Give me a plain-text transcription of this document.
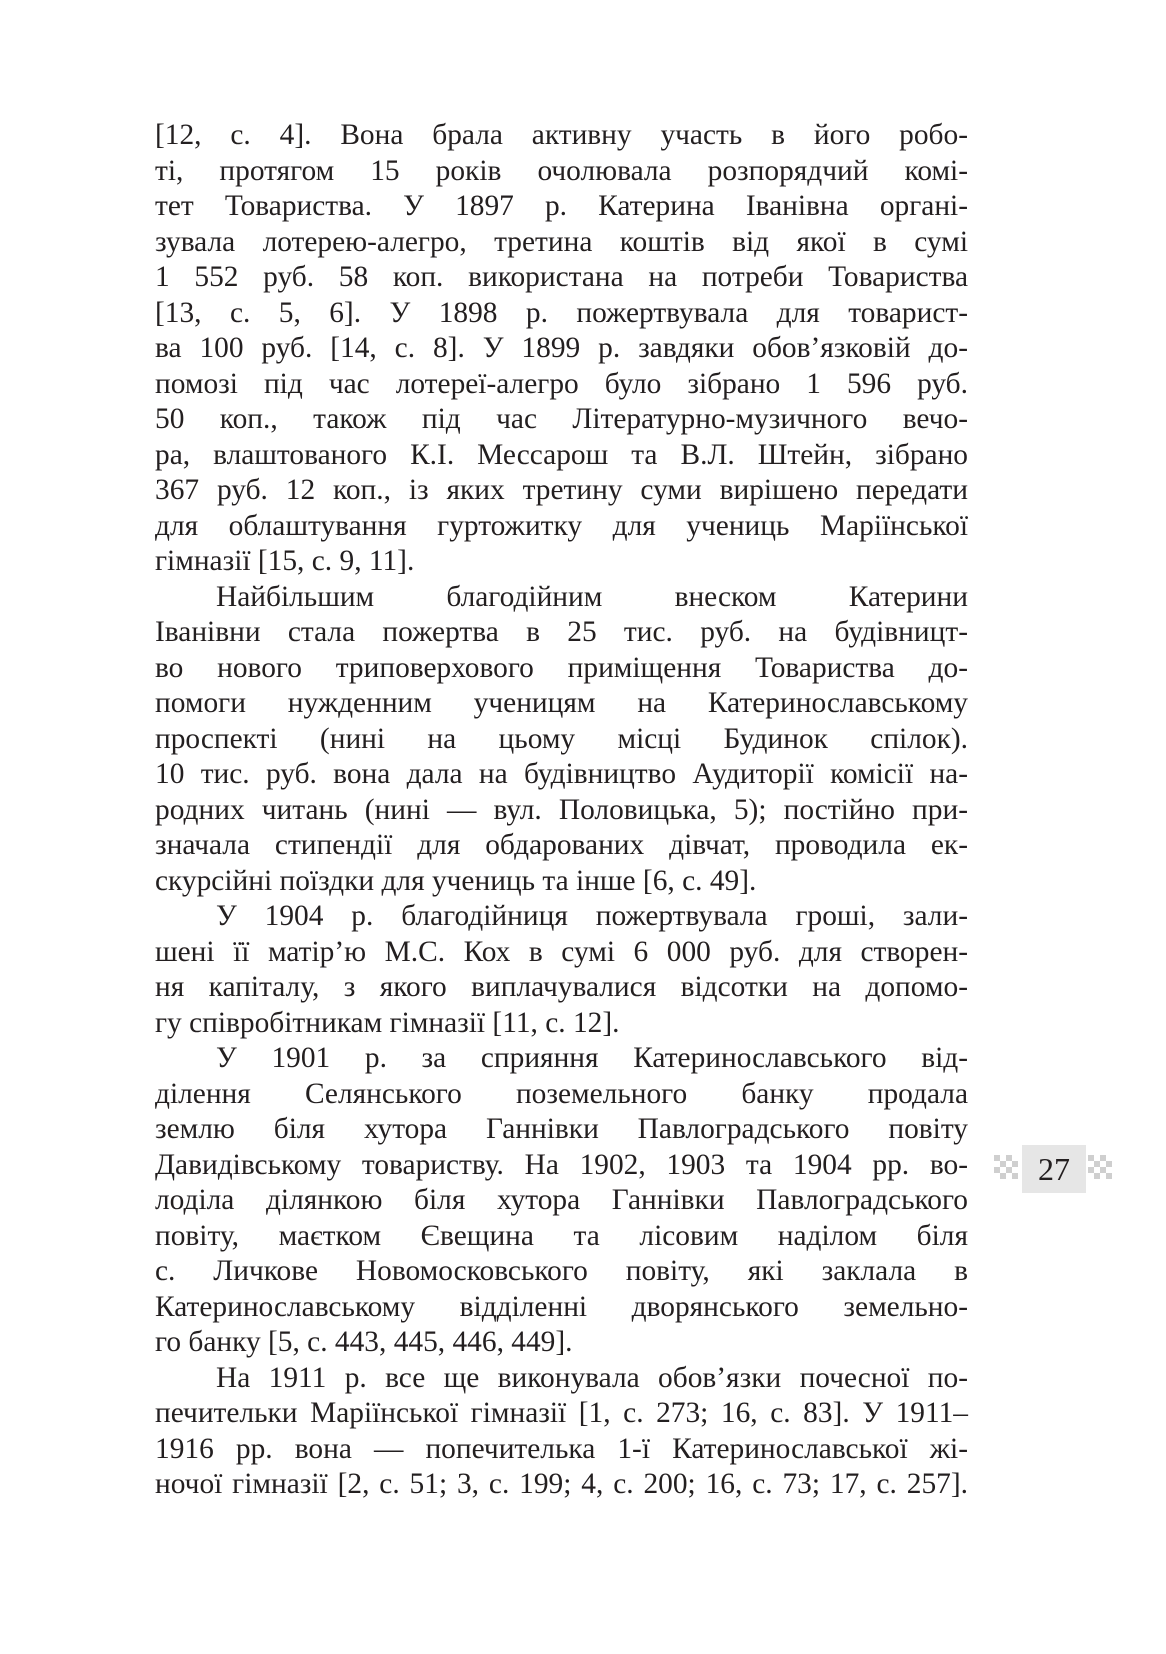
[12, с. 4]. Вона брала активну участь в його робо-
ті, протягом 15 років очолювала розпорядчий комі-
тет Товариства. У 1897 р. Катерина Іванівна органі-
зувала лотерею-алегро, третина коштів від якої в сумі
1 552 руб. 58 коп. використана на потреби Товариства
[13, с. 5, 6]. У 1898 р. пожертвувала для товарист-
ва 100 руб. [14, с. 8]. У 1899 р. завдяки обов’язковій до-
помозі під час лотереї-алегро було зібрано 1 596 руб.
50 коп., також під час Літературно-музичного вечо-
ра, влаштованого К.І. Мессарош та В.Л. Штейн, зібрано
367 руб. 12 коп., із яких третину суми вирішено передати
для облаштування гуртожитку для учениць Маріїнської
гімназії [15, с. 9, 11].
Найбільшим благодійним внеском Катерини
Іванівни стала пожертва в 25 тис. руб. на будівницт-
во нового триповерхового приміщення Товариства до-
помоги нужденним ученицям на Катеринославському
проспекті (нині на цьому місці Будинок спілок).
10 тис. руб. вона дала на будівництво Аудиторії комісії на-
родних читань (нині — вул. Половицька, 5); постійно при-
значала стипендії для обдарованих дівчат, проводила ек-
скурсійні поїздки для учениць та інше [6, с. 49].
У 1904 р. благодійниця пожертвувала гроші, зали-
шені її матір’ю М.С. Кох в сумі 6 000 руб. для створен-
ня капіталу, з якого виплачувалися відсотки на допомо-
гу співробітникам гімназії [11, с. 12].
У 1901 р. за сприяння Катеринославського від-
ділення Селянського поземельного банку продала
землю біля хутора Ганнівки Павлоградського повіту
Давидівському товариству. На 1902, 1903 та 1904 рр. во-
лоділа ділянкою біля хутора Ганнівки Павлоградського
повіту, маєтком Євещина та лісовим наділом біля
с. Личкове Новомосковського повіту, які заклала в
Катеринославському відділенні дворянського земельно-
го банку [5, с. 443, 445, 446, 449].
На 1911 р. все ще виконувала обов’язки почесної по-
печительки Маріїнської гімназії [1, с. 273; 16, с. 83]. У 1911–
1916 рр. вона — попечителька 1-ї Катеринославської жі-
ночої гімназії [2, с. 51; 3, с. 199; 4, с. 200; 16, с. 73; 17, с. 257].
27
